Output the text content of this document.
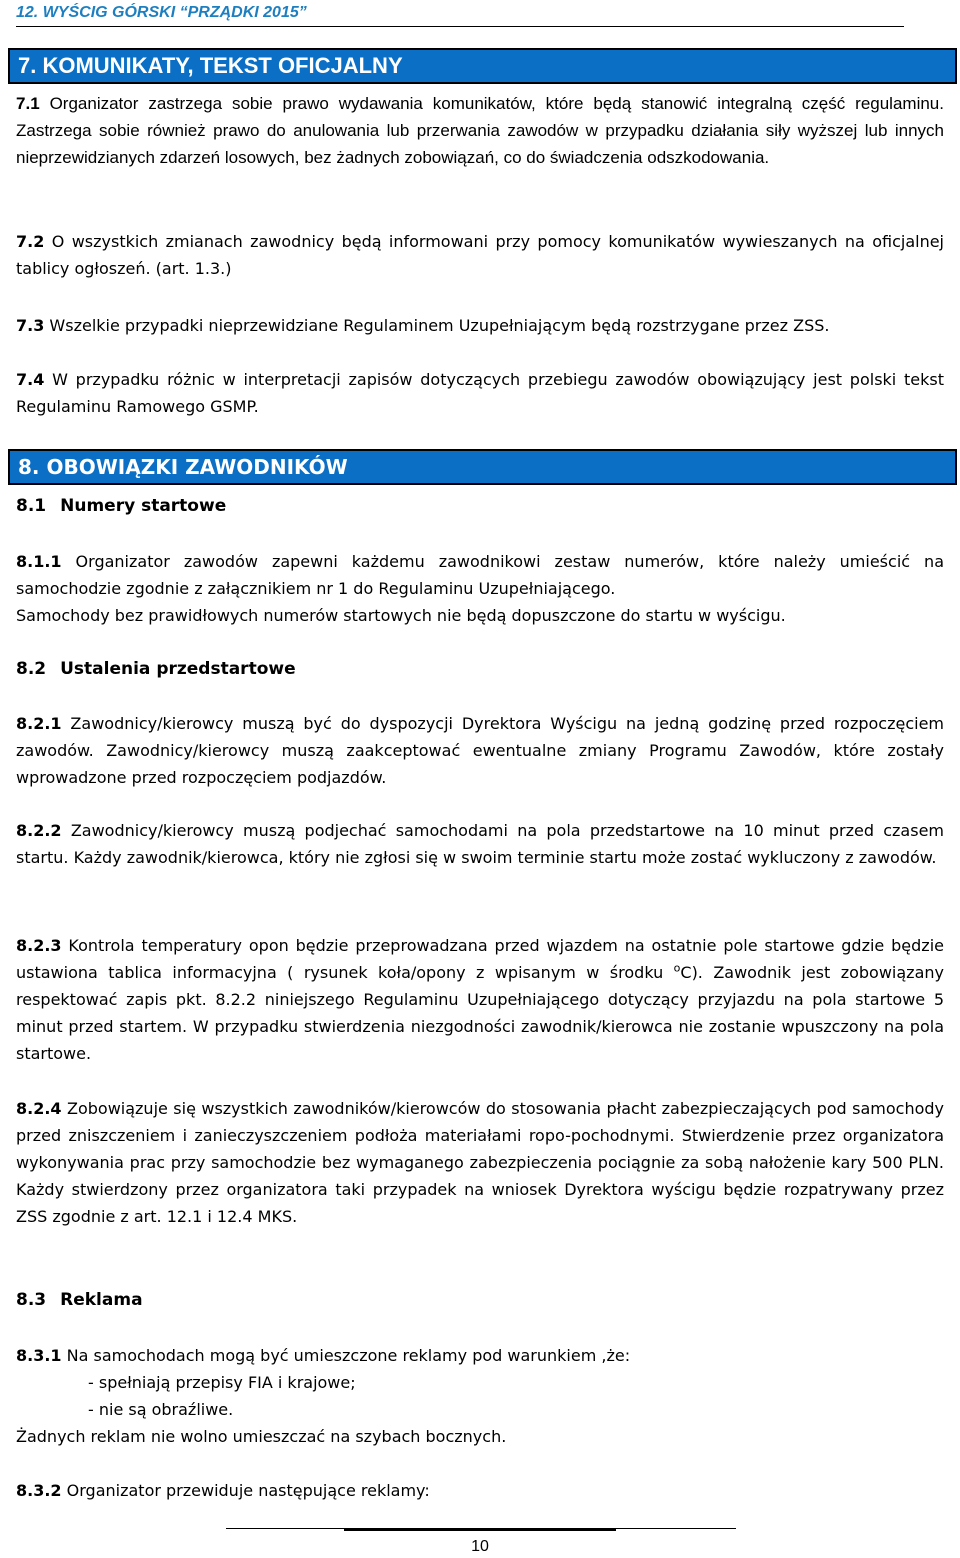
12. WYŚCIG GÓRSKI “PRZĄDKI 2015”
7. KOMUNIKATY, TEKST OFICJALNY

7.1 Organizator zastrzega sobie prawo wydawania komunikatów, które będą stanowić integralną część regulaminu. Zastrzega sobie również prawo do anulowania lub przerwania zawodów w przypadku działania siły wyższej lub innych nieprzewidzianych zdarzeń losowych, bez żadnych zobowiązań, co do świadczenia odszkodowania.

7.2 O wszystkich zmianach zawodnicy będą informowani przy pomocy komunikatów wywieszanych na oficjalnej tablicy ogłoszeń. (art. 1.3.)

7.3 Wszelkie przypadki nieprzewidziane Regulaminem Uzupełniającym będą rozstrzygane przez ZSS.

7.4 W przypadku różnic w interpretacji zapisów dotyczących przebiegu zawodów obowiązujący jest polski tekst Regulaminu Ramowego GSMP.

8. OBOWIĄZKI ZAWODNIKÓW
8.1 Numery startowe

8.1.1 Organizator zawodów zapewni każdemu zawodnikowi zestaw numerów, które należy umieścić na samochodzie zgodnie z załącznikiem nr 1 do Regulaminu Uzupełniającego.
Samochody bez prawidłowych numerów startowych nie będą dopuszczone do startu w wyścigu.

8.2 Ustalenia przedstartowe

8.2.1 Zawodnicy/kierowcy muszą być do dyspozycji Dyrektora Wyścigu na jedną godzinę przed rozpoczęciem zawodów. Zawodnicy/kierowcy muszą zaakceptować ewentualne zmiany Programu Zawodów, które zostały wprowadzone przed rozpoczęciem podjazdów.

8.2.2 Zawodnicy/kierowcy muszą podjechać samochodami na pola przedstartowe na 10 minut przed czasem startu. Każdy zawodnik/kierowca, który nie zgłosi się w swoim terminie startu może zostać wykluczony z zawodów.

8.2.3 Kontrola temperatury opon będzie przeprowadzana przed wjazdem na ostatnie pole startowe gdzie będzie ustawiona tablica informacyjna ( rysunek koła/opony z wpisanym w środku $^o$C). Zawodnik jest zobowiązany respektować zapis pkt. 8.2.2 niniejszego Regulaminu Uzupełniającego dotyczący przyjazdu na pola startowe 5 minut przed startem. W przypadku stwierdzenia niezgodności zawodnik/kierowca nie zostanie wpuszczony na pola startowe.

8.2.4 Zobowiązuje się wszystkich zawodników/kierowców do stosowania płacht zabezpieczających pod samochody przed zniszczeniem i zanieczyszczeniem podłoża materiałami ropo-pochodnymi. Stwierdzenie przez organizatora wykonywania prac przy samochodzie bez wymaganego zabezpieczenia pociągnie za sobą nałożenie kary 500 PLN. Każdy stwierdzony przez organizatora taki przypadek na wniosek Dyrektora wyścigu będzie rozpatrywany przez ZSS zgodnie z art. 12.1 i 12.4 MKS.

8.3 Reklama

8.3.1 Na samochodach mogą być umieszczone reklamy pod warunkiem ,że:

- spełniają przepisy FIA i krajowe;
- nie są obraźliwe.

Żadnych reklam nie wolno umieszczać na szybach bocznych.

8.3.2 Organizator przewiduje następujące reklamy:

10
